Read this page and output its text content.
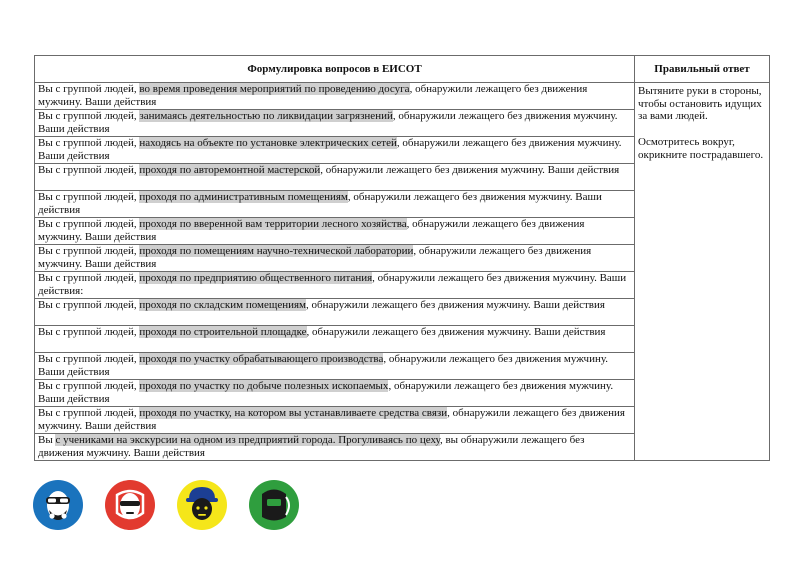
Формулировка вопросов в ЕИСОТ	Правильный ответ
Вы с группой людей, во время проведения мероприятий по проведению досуга, обнаружили лежащего без движения мужчину. Ваши действия	Вытяните руки в стороны, чтобы остановить идущих за вами людей.

Осмотритесь вокруг, окрикните пострадавшего.

Вы с группой людей, занимаясь деятельностью по ликвидации загрязнений, обнаружили лежащего без движения мужчину. Ваши действия	
Вы с группой людей, находясь на объекте по установке электрических сетей, обнаружили лежащего без движения мужчину. Ваши действия	
Вы с группой людей, проходя по авторемонтной мастерской, обнаружили лежащего без движения мужчину. Ваши действия	
Вы с группой людей, проходя по административным помещениям, обнаружили лежащего без движения мужчину. Ваши действия	
Вы с группой людей, проходя по вверенной вам территории лесного хозяйства, обнаружили лежащего без движения мужчину. Ваши действия	
Вы с группой людей, проходя по помещениям научно-технической лаборатории, обнаружили лежащего без движения мужчину. Ваши действия	
Вы с группой людей, проходя по предприятию общественного питания, обнаружили лежащего без движения мужчину. Ваши действия:	
Вы с группой людей, проходя по складским помещениям, обнаружили лежащего без движения мужчину. Ваши действия	
Вы с группой людей, проходя по строительной площадке, обнаружили лежащего без движения мужчину. Ваши действия	
Вы с группой людей, проходя по участку обрабатывающего производства, обнаружили лежащего без движения мужчину. Ваши действия	
Вы с группой людей, проходя по участку по добыче полезных ископаемых, обнаружили лежащего без движения мужчину. Ваши действия	
Вы с группой людей, проходя по участку, на котором вы устанавливаете средства связи, обнаружили лежащего без движения мужчину. Ваши действия	
Вы с учениками на экскурсии на одном из предприятий города. Прогуливаясь по цеху, вы обнаружили лежащего без движения мужчину. Ваши действия	
